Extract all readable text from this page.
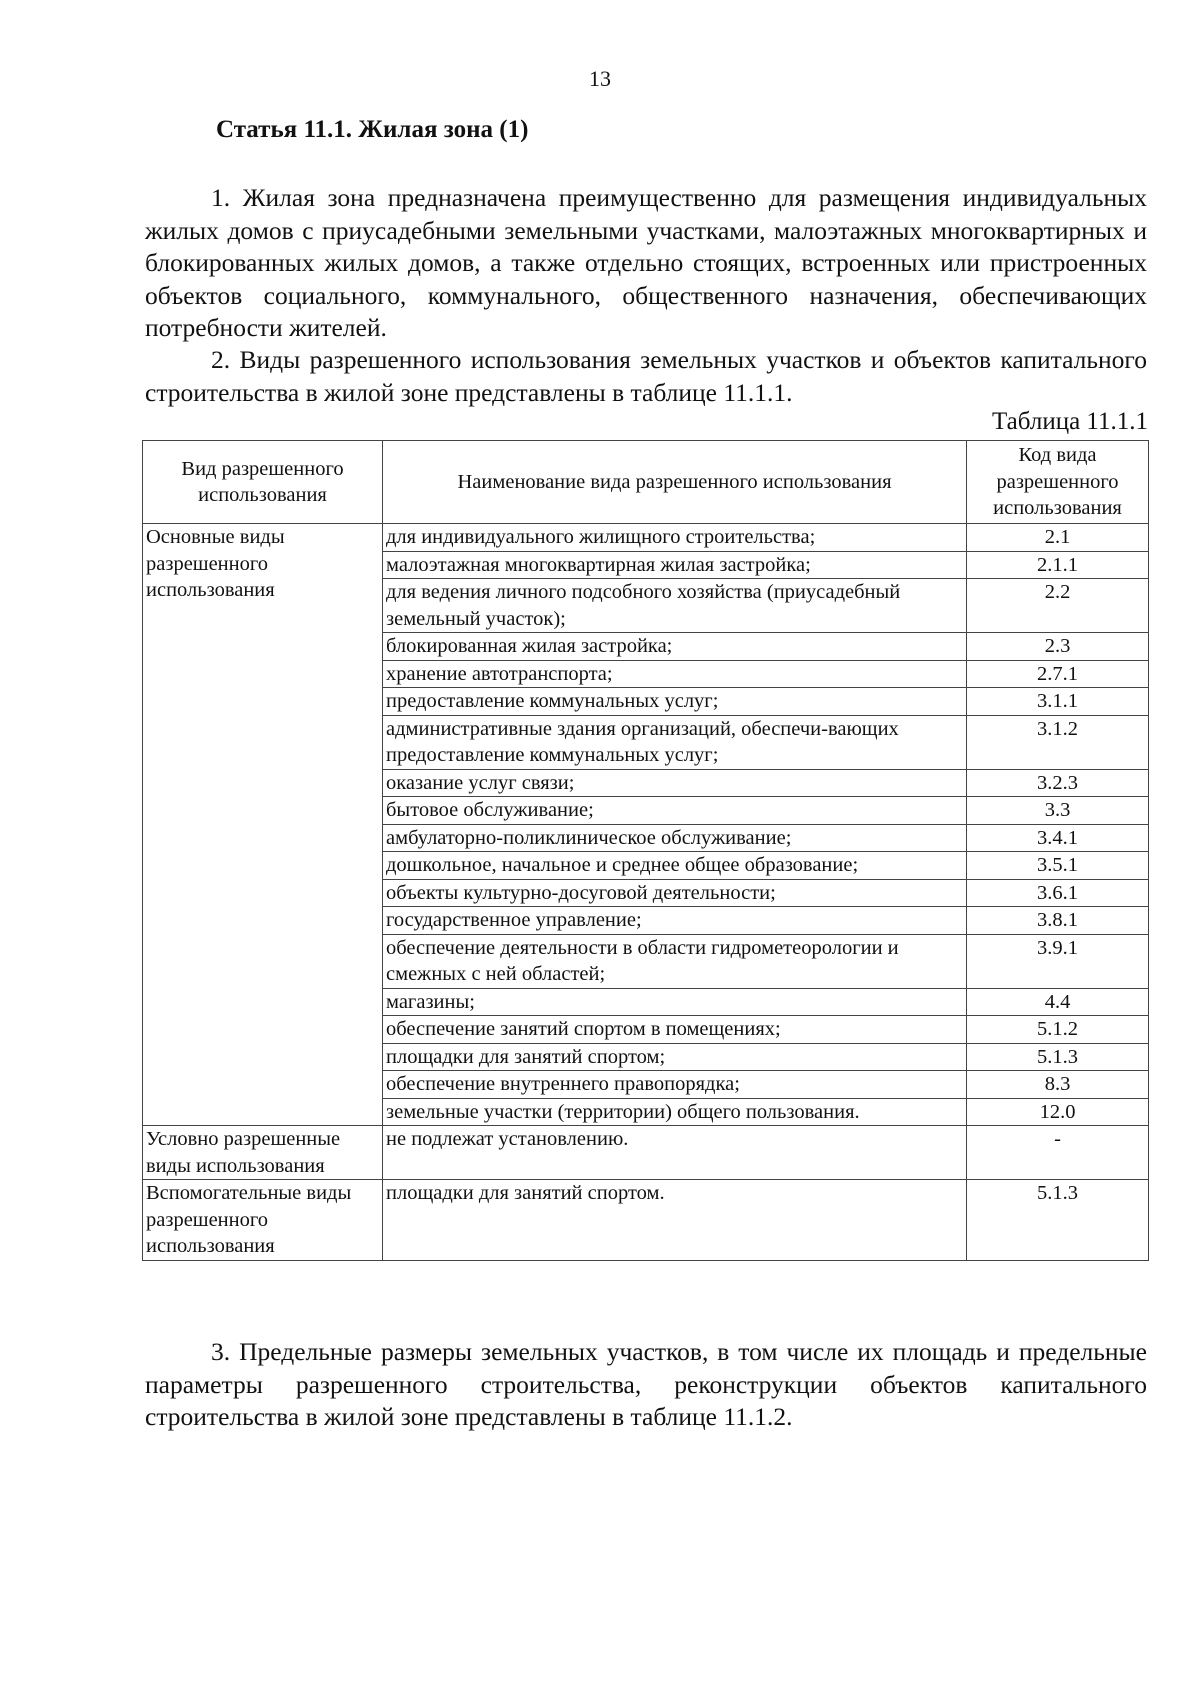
13
Статья 11.1. Жилая зона (1)

1. Жилая зона предназначена преимущественно для размещения индивидуальных жилых домов с приусадебными земельными участками, малоэтажных многоквартирных и блокированных жилых домов, а также отдельно стоящих, встроенных или пристроенных объектов социального, коммунального, общественного назначения, обеспечивающих потребности жителей.

2. Виды разрешенного использования земельных участков и объектов капитального строительства в жилой зоне представлены в таблице 11.1.1.

Таблица 11.1.1
Вид разрешенного использования	Наименование вида разрешенного использования	Код вида разрешенного использования
Основные виды разрешенного использования	для индивидуального жилищного строительства;	2.1
	малоэтажная многоквартирная жилая застройка;	2.1.1
	для ведения личного подсобного хозяйства (приусадебный земельный участок);	2.2
	блокированная жилая застройка;	2.3
	хранение автотранспорта;	2.7.1
	предоставление коммунальных услуг;	3.1.1
	административные здания организаций, обеспечи-вающих предоставление коммунальных услуг;	3.1.2
	оказание услуг связи;	3.2.3
	бытовое обслуживание;	3.3
	амбулаторно-поликлиническое обслуживание;	3.4.1
	дошкольное, начальное и среднее общее образование;	3.5.1
	объекты культурно-досуговой деятельности;	3.6.1
	государственное управление;	3.8.1
	обеспечение деятельности в области гидрометеорологии и смежных с ней областей;	3.9.1
	магазины;	4.4
	обеспечение занятий спортом в помещениях;	5.1.2
	площадки для занятий спортом;	5.1.3
	обеспечение внутреннего правопорядка;	8.3
	земельные участки (территории) общего пользования.	12.0
Условно разрешенные виды использования	не подлежат установлению.	-
Вспомогательные виды разрешенного использования	площадки для занятий спортом.	5.1.3

3. Предельные размеры земельных участков, в том числе их площадь и предельные параметры разрешенного строительства, реконструкции объектов капитального строительства в жилой зоне представлены в таблице 11.1.2.
